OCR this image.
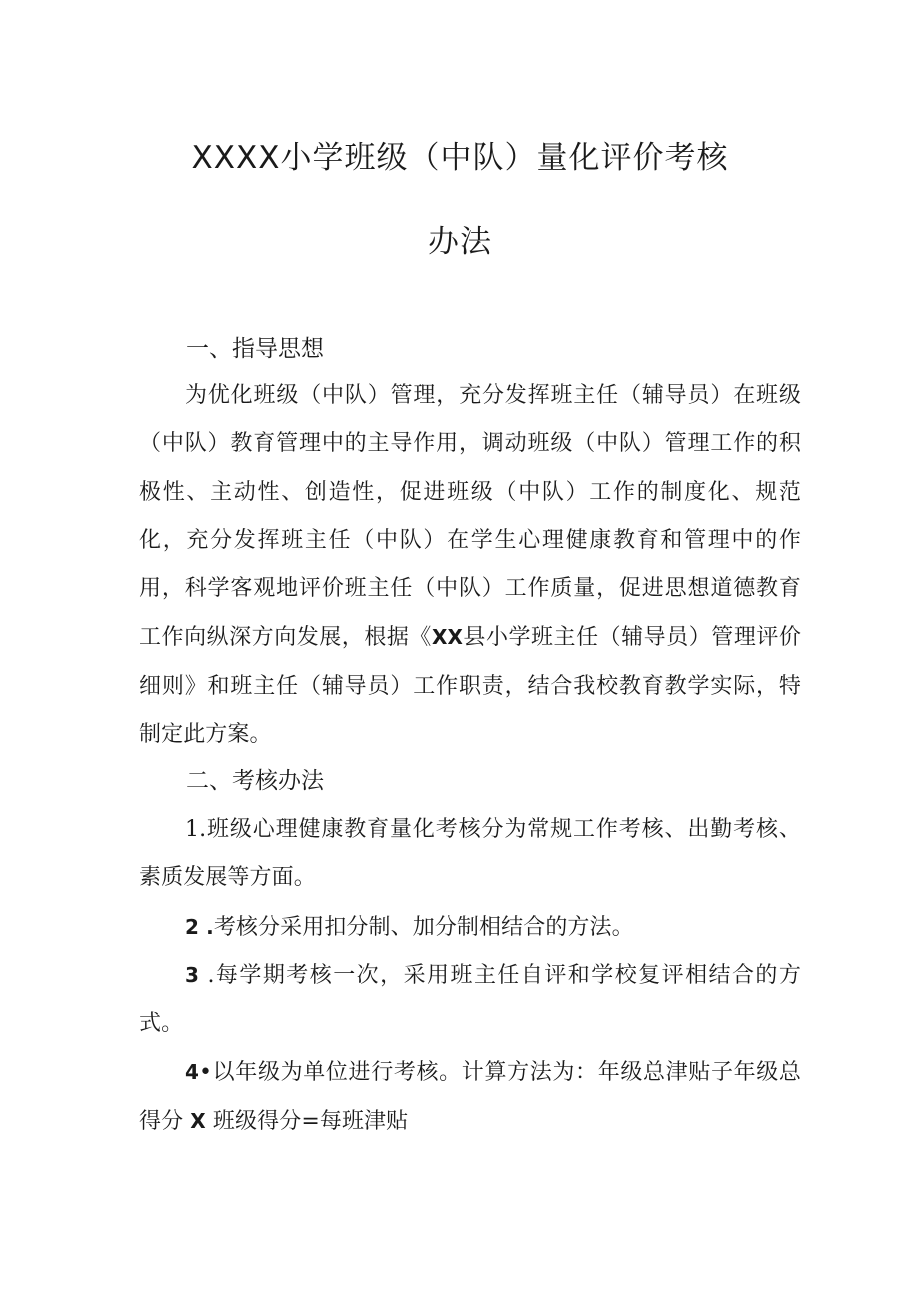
XXXX小学班级（中队）量化评价考核
办法
一、指导思想

为优化班级（中队）管理，充分发挥班主任（辅导员）在班级（中队）教育管理中的主导作用，调动班级（中队）管理工作的积极性、主动性、创造性，促进班级（中队）工作的制度化、规范化，充分发挥班主任（中队）在学生心理健康教育和管理中的作用，科学客观地评价班主任（中队）工作质量，促进思想道德教育工作向纵深方向发展，根据《XX县小学班主任（辅导员）管理评价细则》和班主任（辅导员）工作职责，结合我校教育教学实际，特制定此方案。

二、考核办法

1.班级心理健康教育量化考核分为常规工作考核、出勤考核、素质发展等方面。

2 .考核分采用扣分制、加分制相结合的方法。

3 .每学期考核一次，采用班主任自评和学校复评相结合的方式。

4•以年级为单位进行考核。计算方法为：年级总津贴子年级总得分 X 班级得分=每班津贴
